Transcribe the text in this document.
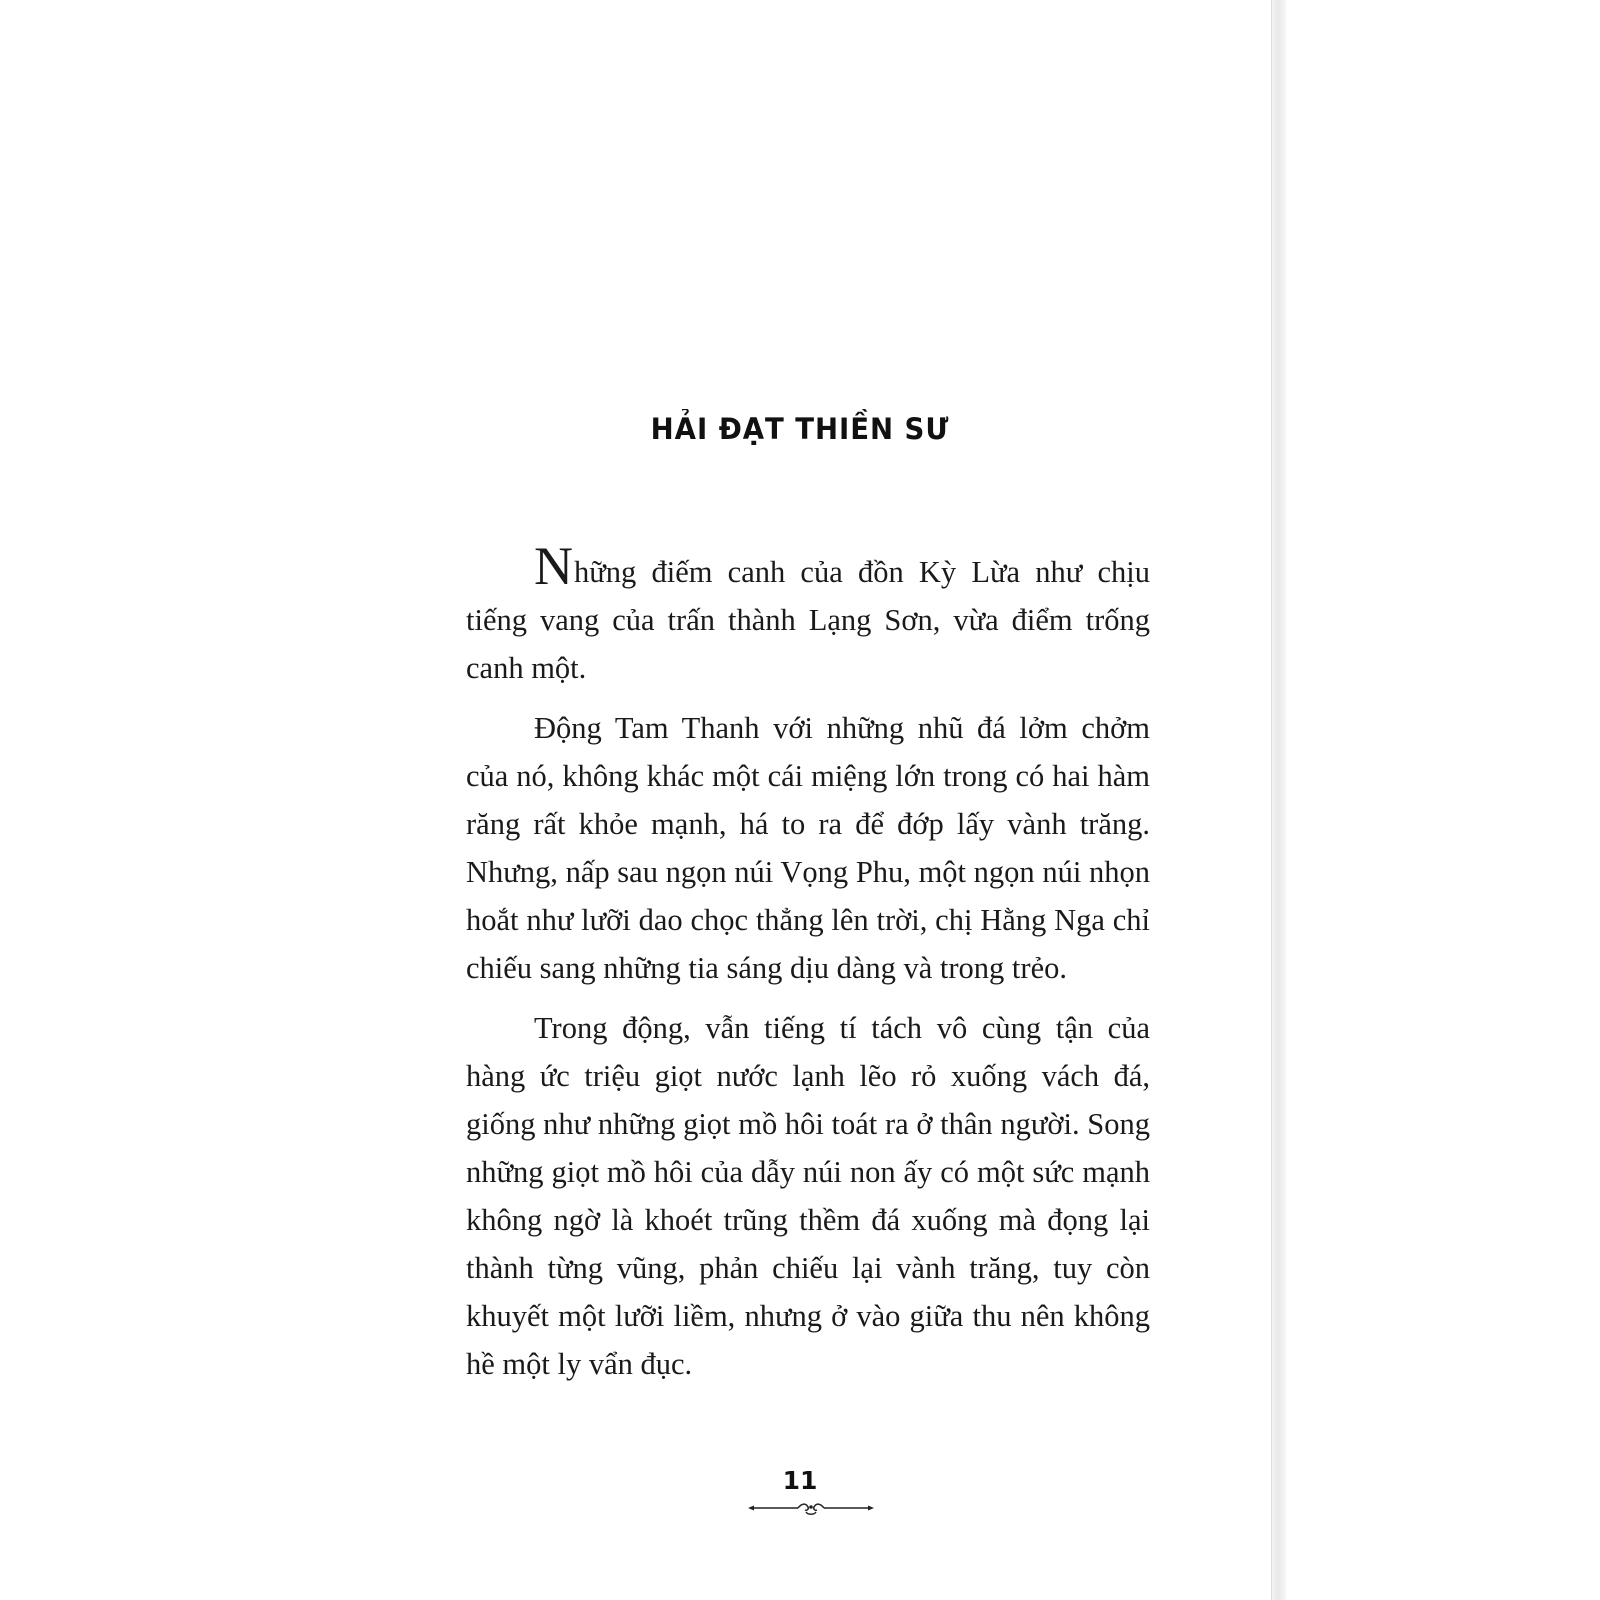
HẢI ĐẠT THIỀN SƯ

Những điếm canh của đồn Kỳ Lừa như chịu tiếng vang của trấn thành Lạng Sơn, vừa điểm trống canh một.

Động Tam Thanh với những nhũ đá lởm chởm của nó, không khác một cái miệng lớn trong có hai hàm răng rất khỏe mạnh, há to ra để đớp lấy vành trăng. Nhưng, nấp sau ngọn núi Vọng Phu, một ngọn núi nhọn hoắt như lưỡi dao chọc thẳng lên trời, chị Hằng Nga chỉ chiếu sang những tia sáng dịu dàng và trong trẻo.

Trong động, vẫn tiếng tí tách vô cùng tận của hàng ức triệu giọt nước lạnh lẽo rỏ xuống vách đá, giống như những giọt mồ hôi toát ra ở thân người. Song những giọt mồ hôi của dẫy núi non ấy có một sức mạnh không ngờ là khoét trũng thềm đá xuống mà đọng lại thành từng vũng, phản chiếu lại vành trăng, tuy còn khuyết một lưỡi liềm, nhưng ở vào giữa thu nên không hề một ly vẩn đục.

11
